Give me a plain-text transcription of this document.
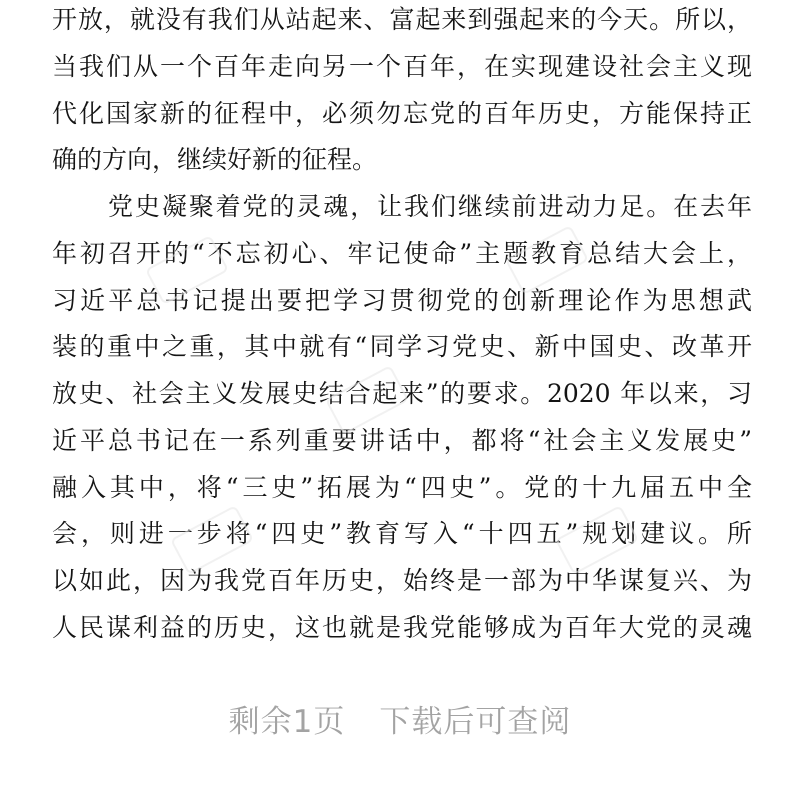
开放，就没有我们从站起来、富起来到强起来的今天。所以，
当我们从一个百年走向另一个百年，在实现建设社会主义现
代化国家新的征程中，必须勿忘党的百年历史，方能保持正
确的方向，继续好新的征程。
党史凝聚着党的灵魂，让我们继续前进动力足。在去年
年初召开的“不忘初心、牢记使命”主题教育总结大会上，
习近平总书记提出要把学习贯彻党的创新理论作为思想武
装的重中之重，其中就有“同学习党史、新中国史、改革开
放史、社会主义发展史结合起来”的要求。2020 年以来，习
近平总书记在一系列重要讲话中，都将“社会主义发展史”
融入其中，将“三史”拓展为“四史”。党的十九届五中全
会，则进一步将“四史”教育写入“十四五”规划建议。所
以如此，因为我党百年历史，始终是一部为中华谋复兴、为
人民谋利益的历史，这也就是我党能够成为百年大党的灵魂
剩余1页 下载后可查阅
